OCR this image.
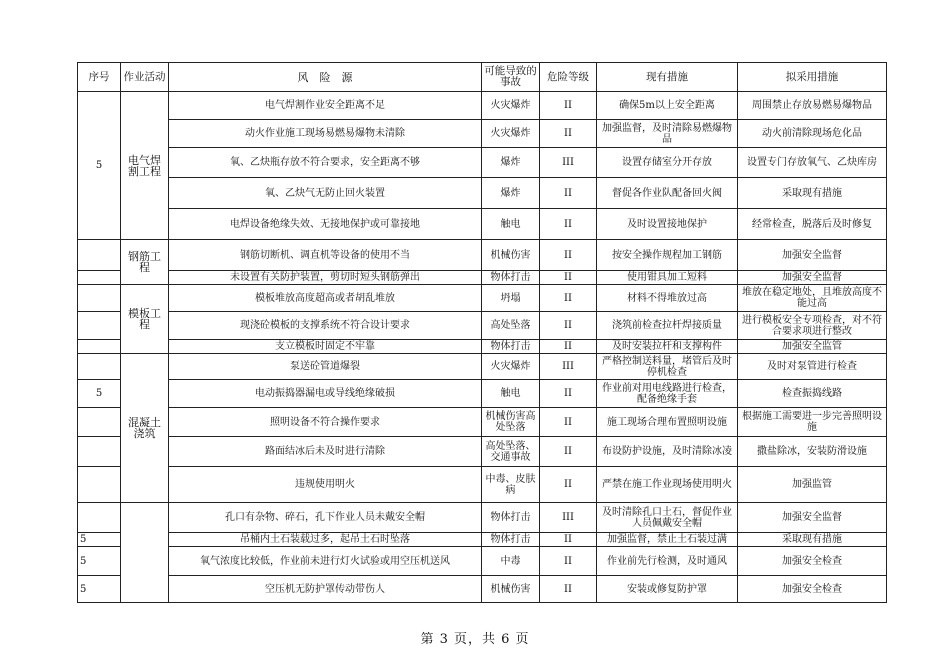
序号	作业活动	风　险　源	可能导致的事故	危险等级	现有措施	拟采用措施
5	电气焊割工程	电气焊割作业安全距离不足	火灾爆炸	II	确保5m以上安全距离	周围禁止存放易燃易爆物品
		动火作业施工现场易燃易爆物未清除	火灾爆炸	II	加强监督，及时清除易燃爆物品	动火前清除现场危化品
		氧、乙炔瓶存放不符合要求，安全距离不够	爆炸	III	设置存储室分开存放	设置专门存放氧气、乙炔库房
		氧、乙炔气无防止回火装置	爆炸	II	督促各作业队配备回火阀	采取现有措施
		电焊设备绝缘失效、无接地保护或可靠接地	触电	II	及时设置接地保护	经常检查，脱落后及时修复
	钢筋工程	钢筋切断机、调直机等设备的使用不当	机械伤害	II	按安全操作规程加工钢筋	加强安全监督
		未设置有关防护装置，剪切时短头钢筋弹出	物体打击	II	使用钳具加工短料	加强安全监督
	模板工程	模板堆放高度超高或者胡乱堆放	坍塌	II	材料不得堆放过高	堆放在稳定地处，且堆放高度不能过高
		现浇砼模板的支撑系统不符合设计要求	高处坠落	II	浇筑前检查拉杆焊接质量	进行模板安全专项检查，对不符合要求项进行整改
		支立模板时固定不牢靠	物体打击	II	及时安装拉杆和支撑构件	加强安全监管
	混凝土浇筑	泵送砼管道爆裂	火灾爆炸	III	严格控制送料量，堵管后及时停机检查	及时对泵管进行检查
5		电动振捣器漏电或导线绝缘破损	触电	II	作业前对用电线路进行检查，配备绝缘手套	检查振捣线路
		照明设备不符合操作要求	机械伤害高处坠落	II	施工现场合理布置照明设施	根据施工需要进一步完善照明设施
		路面结冰后未及时进行清除	高处坠落、交通事故	II	布设防护设施，及时清除冰凌	撒盐除冰，安装防滑设施
		违规使用明火	中毒、皮肤病	II	严禁在施工作业现场使用明火	加强监管
		孔口有杂物、碎石，孔下作业人员未戴安全帽	物体打击	III	及时清除孔口土石，督促作业人员佩戴安全帽	加强安全监督
5		吊桶内土石装载过多，起吊土石时坠落	物体打击	II	加强监督，禁止土石装过满	采取现有措施
5		氧气浓度比较低，作业前未进行灯火试验或用空压机送风	中毒	II	作业前先行检测，及时通风	加强安全检查
5		空压机无防护罩传动带伤人	机械伤害	II	安装或修复防护罩	加强安全检查
第 3 页，共 6 页
